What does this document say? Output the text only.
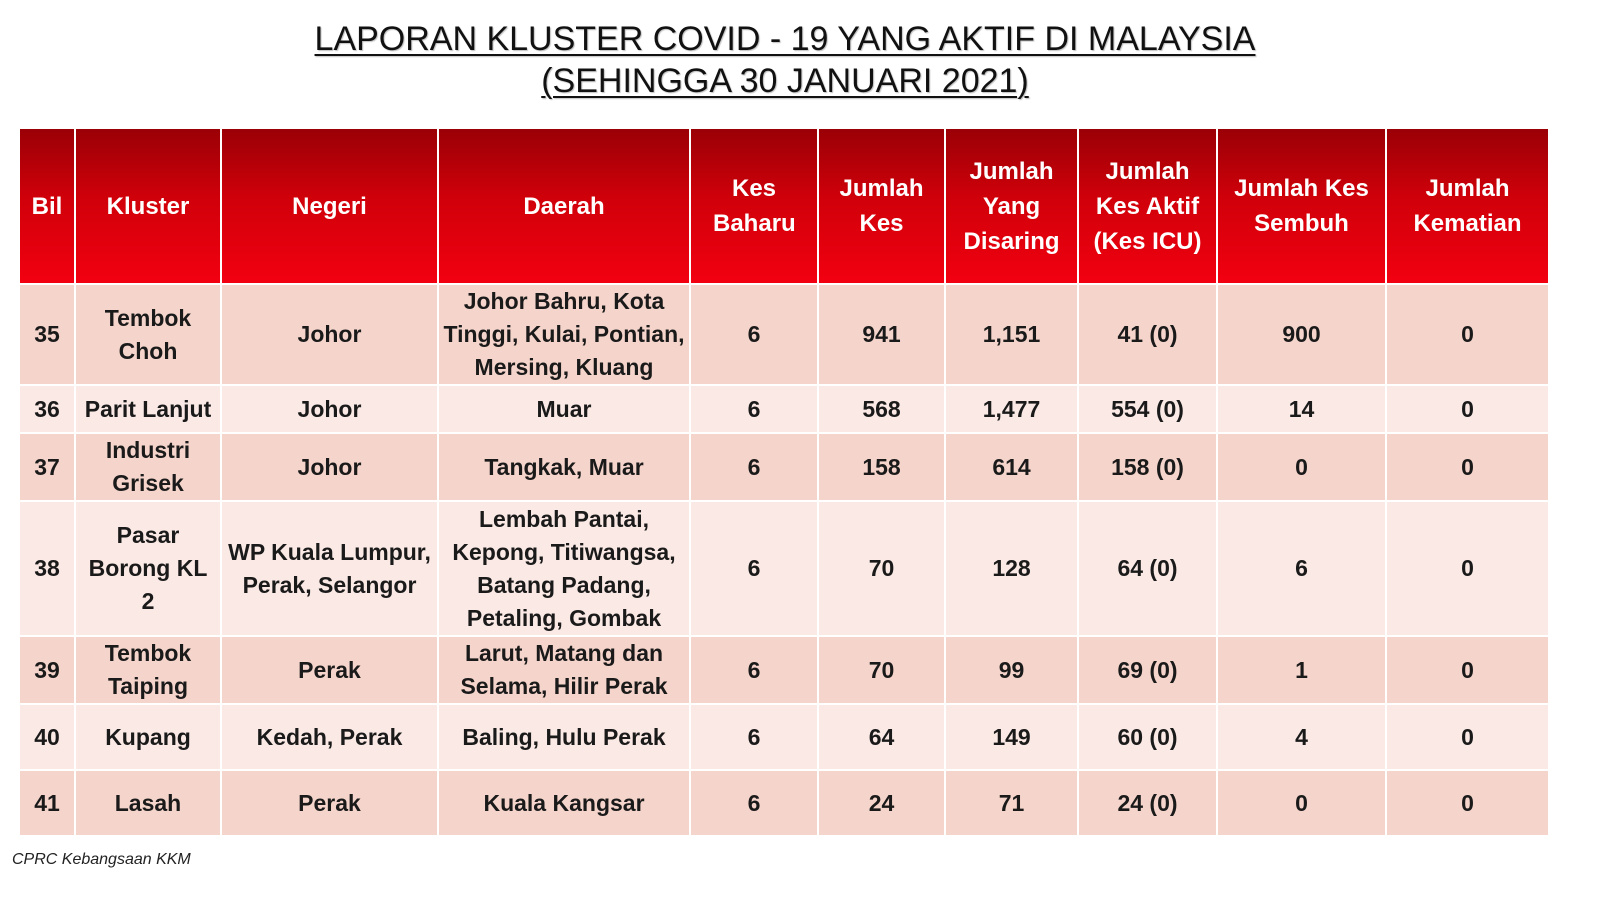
LAPORAN KLUSTER COVID - 19 YANG AKTIF DI MALAYSIA
(SEHINGGA 30 JANUARI 2021)
Bil	Kluster	Negeri	Daerah	Kes Baharu	Jumlah Kes	Jumlah Yang Disaring	Jumlah Kes Aktif (Kes ICU)	Jumlah Kes Sembuh	Jumlah Kematian
35	Tembok Choh	Johor	Johor Bahru, Kota Tinggi, Kulai, Pontian, Mersing, Kluang	6	941	1,151	41 (0)	900	0
36	Parit Lanjut	Johor	Muar	6	568	1,477	554 (0)	14	0
37	Industri Grisek	Johor	Tangkak, Muar	6	158	614	158 (0)	0	0
38	Pasar Borong KL 2	WP Kuala Lumpur, Perak, Selangor	Lembah Pantai, Kepong, Titiwangsa, Batang Padang, Petaling, Gombak	6	70	128	64 (0)	6	0
39	Tembok Taiping	Perak	Larut, Matang dan Selama, Hilir Perak	6	70	99	69 (0)	1	0
40	Kupang	Kedah, Perak	Baling, Hulu Perak	6	64	149	60 (0)	4	0
41	Lasah	Perak	Kuala Kangsar	6	24	71	24 (0)	0	0
CPRC Kebangsaan KKM
